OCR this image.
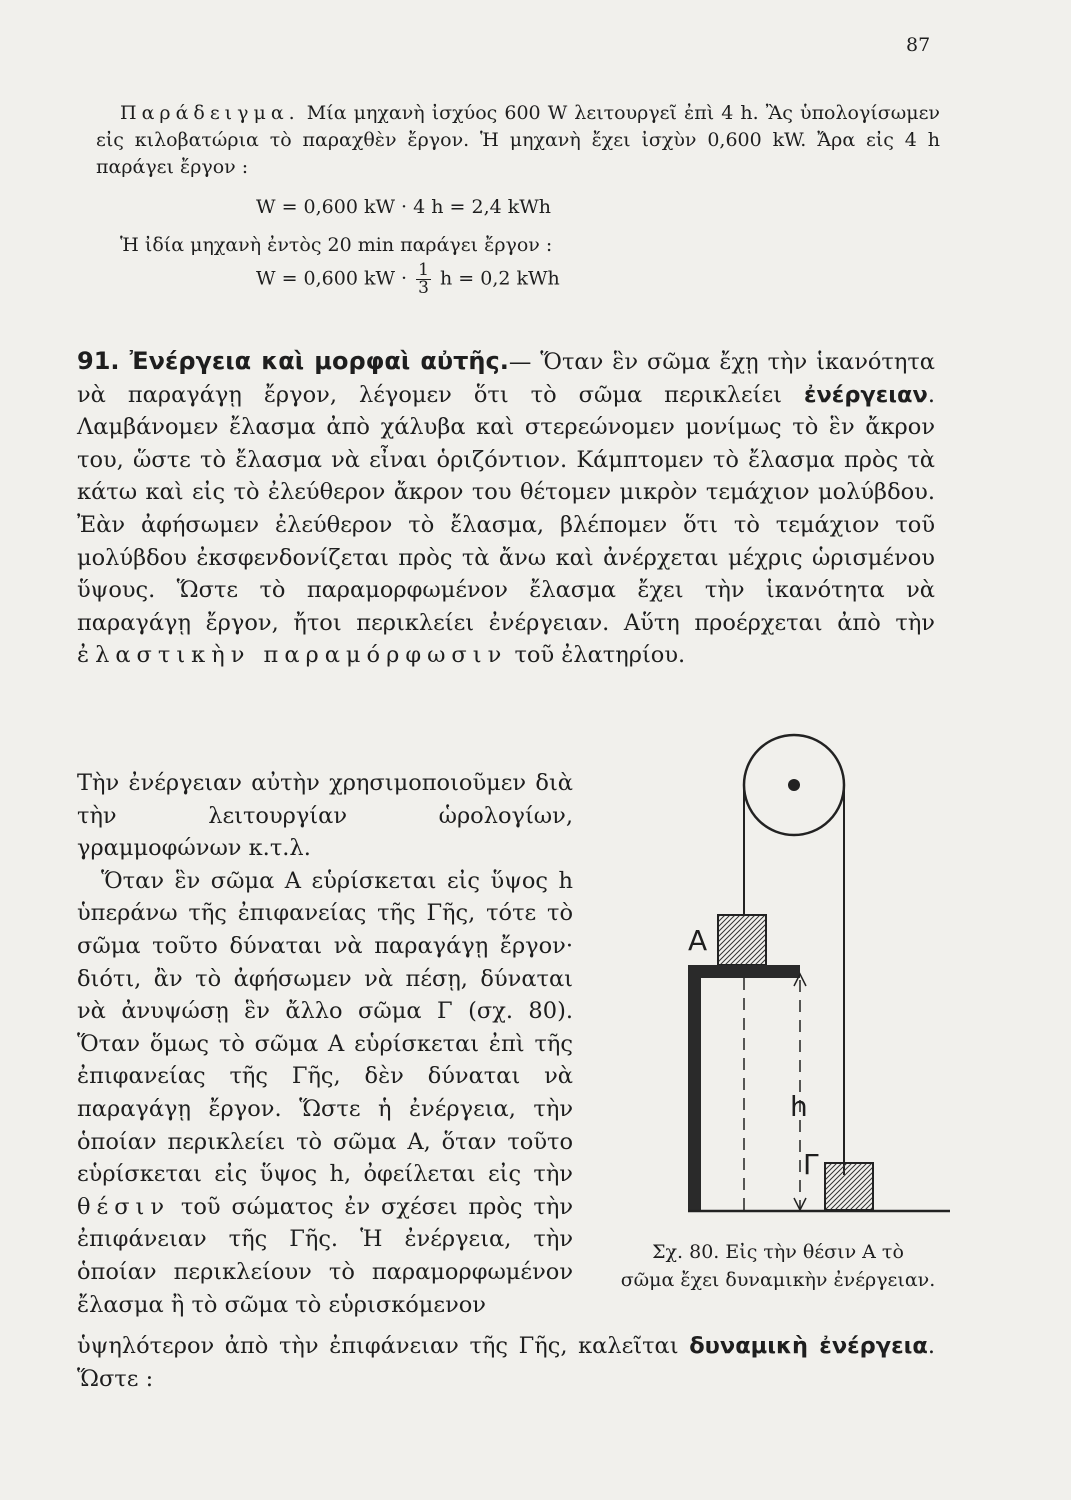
87

Παράδειγμα. Μία μηχανὴ ἰσχύος 600 W λειτουργεῖ ἐπὶ 4 h. Ἂς ὑπολογίσωμεν εἰς κιλοβατώρια τὸ παραχθὲν ἔργον. Ἡ μηχανὴ ἔχει ἰσχὺν 0,600 kW. Ἄρα εἰς 4 h παράγει ἔργον :

W = 0,600 kW · 4 h = 2,4 kWh
Ἡ ἰδία μηχανὴ ἐντὸς 20 min παράγει ἔργον :
W = 0,600 kW · $\frac{1}{3}$ h = 0,2 kWh

91. Ἐνέργεια καὶ μορφαὶ αὐτῆς.— Ὅταν ἓν σῶμα ἔχῃ τὴν ἱκανότητα νὰ παραγάγῃ ἔργον, λέγομεν ὅτι τὸ σῶμα περικλείει ἐνέργειαν. Λαμβάνομεν ἔλασμα ἀπὸ χάλυβα καὶ στερεώνομεν μονίμως τὸ ἓν ἄκρον του, ὥστε τὸ ἔλασμα νὰ εἶναι ὁριζόντιον. Κάμπτομεν τὸ ἔλασμα πρὸς τὰ κάτω καὶ εἰς τὸ ἐλεύθερον ἄκρον του θέτομεν μικρὸν τεμάχιον μολύβδου. Ἐὰν ἀφήσωμεν ἐλεύθερον τὸ ἔλασμα, βλέπομεν ὅτι τὸ τεμάχιον τοῦ μολύβδου ἐκσφενδονίζεται πρὸς τὰ ἄνω καὶ ἀνέρχεται μέχρις ὡρισμένου ὕψους. Ὥστε τὸ παραμορφωμένον ἔλασμα ἔχει τὴν ἱκανότητα νὰ παραγάγῃ ἔργον, ἤτοι περικλείει ἐνέργειαν. Αὕτη προέρχεται ἀπὸ τὴν ἐλαστικὴν παραμόρφωσιν τοῦ ἐλατηρίου.

Τὴν ἐνέργειαν αὐτὴν χρησιμοποιοῦμεν διὰ τὴν λειτουργίαν ὡρολογίων, γραμμοφώνων κ.τ.λ.

Ὅταν ἓν σῶμα Α εὑρίσκεται εἰς ὕψος h ὑπεράνω τῆς ἐπιφανείας τῆς Γῆς, τότε τὸ σῶμα τοῦτο δύναται νὰ παραγάγῃ ἔργον· διότι, ἂν τὸ ἀφήσωμεν νὰ πέσῃ, δύναται νὰ ἀνυψώσῃ ἓν ἄλλο σῶμα Γ (σχ. 80). Ὅταν ὅμως τὸ σῶμα Α εὑρίσκεται ἐπὶ τῆς ἐπιφανείας τῆς Γῆς, δὲν δύναται νὰ παραγάγῃ ἔργον. Ὥστε ἡ ἐνέργεια, τὴν ὁποίαν περικλείει τὸ σῶμα Α, ὅταν τοῦτο εὑρίσκεται εἰς ὕψος h, ὀφείλεται εἰς τὴν θέσιν τοῦ σώματος ἐν σχέσει πρὸς τὴν ἐπιφάνειαν τῆς Γῆς. Ἡ ἐνέργεια, τὴν ὁποίαν περικλείουν τὸ παραμορφωμένον ἔλασμα ἢ τὸ σῶμα τὸ εὑρισκόμενον

ὑψηλότερον ἀπὸ τὴν ἐπιφάνειαν τῆς Γῆς, καλεῖται δυναμικὴ ἐνέργεια. Ὥστε :

Α
h
Γ
Σχ. 80. Εἰς τὴν θέσιν Α τὸ
σῶμα ἔχει δυναμικὴν ἐνέργειαν.
